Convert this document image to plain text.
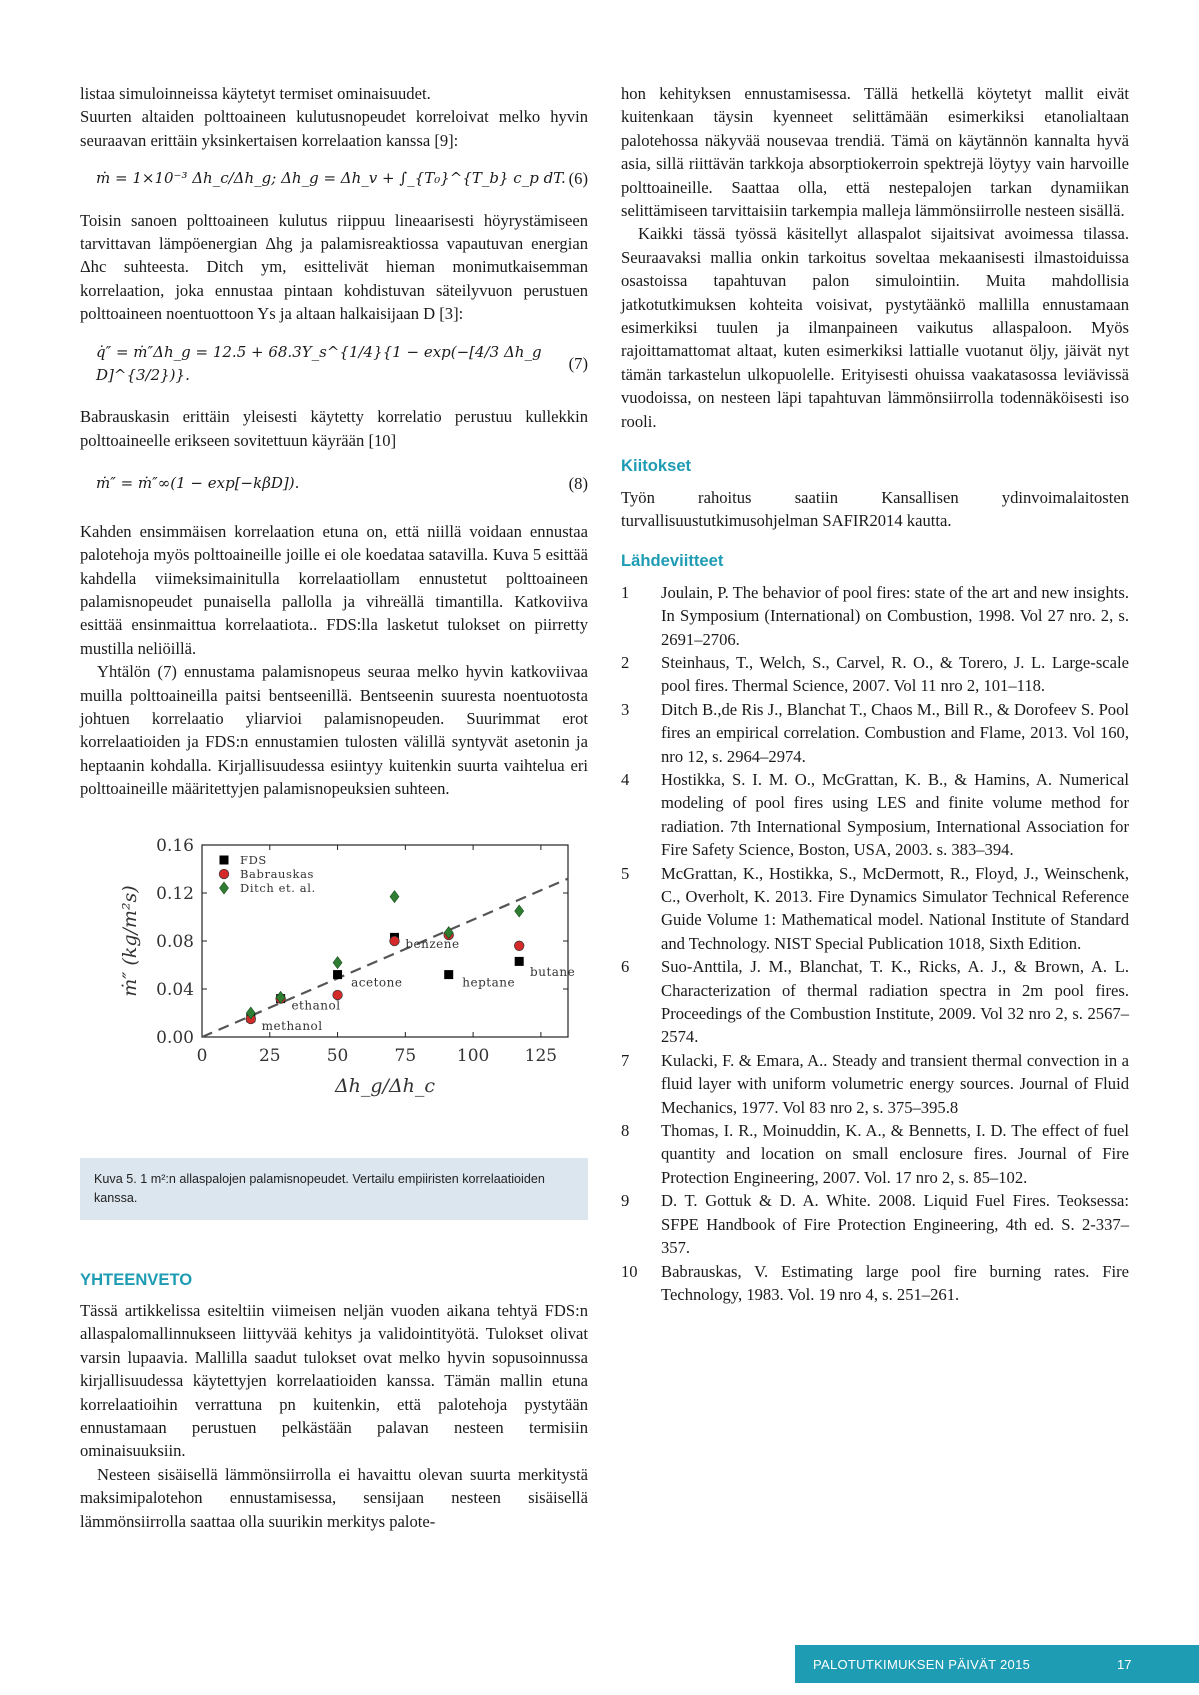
listaa simuloinneissa käytetyt termiset ominaisuudet.

Suurten altaiden polttoaineen kulutusnopeudet korreloivat melko hyvin seuraavan erittäin yksinkertaisen korrelaation kanssa [9]:

ṁ = 1×10⁻³ Δh_c/Δh_g; Δh_g = Δh_v + ∫_{T₀}^{T_b} c_p dT. (6)

Toisin sanoen polttoaineen kulutus riippuu lineaarisesti höyrystämiseen tarvittavan lämpöenergian Δhg ja palamisreaktiossa vapautuvan energian Δhc suhteesta. Ditch ym, esittelivät hieman monimutkaisemman korrelaation, joka ennustaa pintaan kohdistuvan säteilyvuon perustuen polttoaineen noentuottoon Ys ja altaan halkaisijaan D [3]:

q̇″ = ṁ″Δh_g = 12.5 + 68.3Y_s^{1/4}{1 − exp(−[4/3 Δh_g D]^{3/2})}.
(7)

Babrauskasin erittäin yleisesti käytetty korrelatio perustuu kullekkin polttoaineelle erikseen sovitettuun käyrään [10]

ṁ″ = ṁ″∞(1 − exp[−kβD]).	(8)

Kahden ensimmäisen korrelaation etuna on, että niillä voidaan ennustaa palotehoja myös polttoaineille joille ei ole koedataa satavilla. Kuva 5 esittää kahdella viimeksimainitulla korrelaatiollam ennustetut polttoaineen palamisnopeudet punaisella pallolla ja vihreällä timantilla. Katkoviiva esittää ensinmaittua korrelaatiota.. FDS:lla lasketut tulokset on piirretty mustilla neliöillä.

Yhtälön (7) ennustama palamisnopeus seuraa melko hyvin katkoviivaa muilla polttoaineilla paitsi bentseenillä. Bentseenin suuresta noentuotosta johtuen korrelaatio yliarvioi palamisnopeuden. Suurimmat erot korrelaatioiden ja FDS:n ennustamien tulosten välillä syntyvät asetonin ja heptaanin kohdalla. Kirjallisuudessa esiintyy kuitenkin suurta vaihtelua eri polttoaineille määritettyjen palamisnopeuksien suhteen.

0	25	50	75 100 125
0.00
0.04
0.08
0.12
0.16
Δh_g/Δh_c
ṁ″ (kg/m²s)
FDS
Babrauskas
Ditch et. al.
methanol
ethanol
acetone
benzene
heptane
butane
Kuva 5. 1 m²:n allaspalojen palamisnopeudet. Vertailu empiiristen korrelaatioiden kanssa.
YHTEENVETO

Tässä artikkelissa esiteltiin viimeisen neljän vuoden aikana tehtyä FDS:n allaspalomallinnukseen liittyvää kehitys ja validointityötä. Tulokset olivat varsin lupaavia. Mallilla saadut tulokset ovat melko hyvin sopusoinnussa kirjallisuudessa käytettyjen korrelaatioiden kanssa. Tämän mallin etuna korrelaatioihin verrattuna pn kuitenkin, että palotehoja pystytään ennustamaan perustuen pelkästään palavan nesteen termisiin ominaisuuksiin.

Nesteen sisäisellä lämmönsiirrolla ei havaittu olevan suurta merkitystä maksimipalotehon ennustamisessa, sensijaan nesteen sisäisellä lämmönsiirrolla saattaa olla suurikin merkitys palote-

hon kehityksen ennustamisessa. Tällä hetkellä köytetyt mallit eivät kuitenkaan täysin kyenneet selittämään esimerkiksi etanolialtaan palotehossa näkyvää nousevaa trendiä. Tämä on käytännön kannalta hyvä asia, sillä riittävän tarkkoja absorptiokerroin spektrejä löytyy vain harvoille polttoaineille. Saattaa olla, että nestepalojen tarkan dynamiikan selittämiseen tarvittaisiin tarkempia malleja lämmönsiirrolle nesteen sisällä.

Kaikki tässä työssä käsitellyt allaspalot sijaitsivat avoimessa tilassa. Seuraavaksi mallia onkin tarkoitus soveltaa mekaanisesti ilmastoiduissa osastoissa tapahtuvan palon simulointiin. Muita mahdollisia jatkotutkimuksen kohteita voisivat, pystytäänkö mallilla ennustamaan esimerkiksi tuulen ja ilmanpaineen vaikutus allaspaloon. Myös rajoittamattomat altaat, kuten esimerkiksi lattialle vuotanut öljy, jäivät nyt tämän tarkastelun ulkopuolelle. Erityisesti ohuissa vaakatasossa leviävissä vuodoissa, on nesteen läpi tapahtuvan lämmönsiirrolla todennäköisesti iso rooli.

Kiitokset

Työn rahoitus saatiin Kansallisen ydinvoimalaitosten turvallisuustutkimusohjelman SAFIR2014 kautta.

Lähdeviitteet
1	Joulain, P. The behavior of pool fires: state of the art and new insights. In Symposium (International) on Combustion, 1998. Vol 27 nro. 2, s. 2691–2706.
2	Steinhaus, T., Welch, S., Carvel, R. O., & Torero, J. L. Large-scale pool fires. Thermal Science, 2007. Vol 11 nro 2, 101–118.
3	Ditch B.,de Ris J., Blanchat T., Chaos M., Bill R., & Dorofeev S. Pool fires an empirical correlation. Combustion and Flame, 2013. Vol 160, nro 12, s. 2964–2974.
4	Hostikka, S. I. M. O., McGrattan, K. B., & Hamins, A. Numerical modeling of pool fires using LES and finite volume method for radiation. 7th International Symposium, International Association for Fire Safety Science, Boston, USA, 2003. s. 383–394.
5	McGrattan, K., Hostikka, S., McDermott, R., Floyd, J., Weinschenk, C., Overholt, K. 2013. Fire Dynamics Simulator Technical Reference Guide Volume 1: Mathematical model. National Institute of Standard and Technology. NIST Special Publication 1018, Sixth Edition.
6	Suo-Anttila, J. M., Blanchat, T. K., Ricks, A. J., & Brown, A. L. Characterization of thermal radiation spectra in 2m pool fires. Proceedings of the Combustion Institute, 2009. Vol 32 nro 2, s. 2567–2574.
7	Kulacki, F. & Emara, A.. Steady and transient thermal convection in a fluid layer with uniform volumetric energy sources. Journal of Fluid Mechanics, 1977. Vol 83 nro 2, s. 375–395.8
8	Thomas, I. R., Moinuddin, K. A., & Bennetts, I. D. The effect of fuel quantity and location on small enclosure fires. Journal of Fire Protection Engineering, 2007. Vol. 17 nro 2, s. 85–102.
9	D. T. Gottuk & D. A. White. 2008. Liquid Fuel Fires. Teoksessa: SFPE Handbook of Fire Protection Engineering, 4th ed. S. 2-337–357.
10	Babrauskas, V. Estimating large pool fire burning rates. Fire Technology, 1983. Vol. 19 nro 4, s. 251–261.
PALOTUTKIMUKSEN PÄIVÄT 2015	17
